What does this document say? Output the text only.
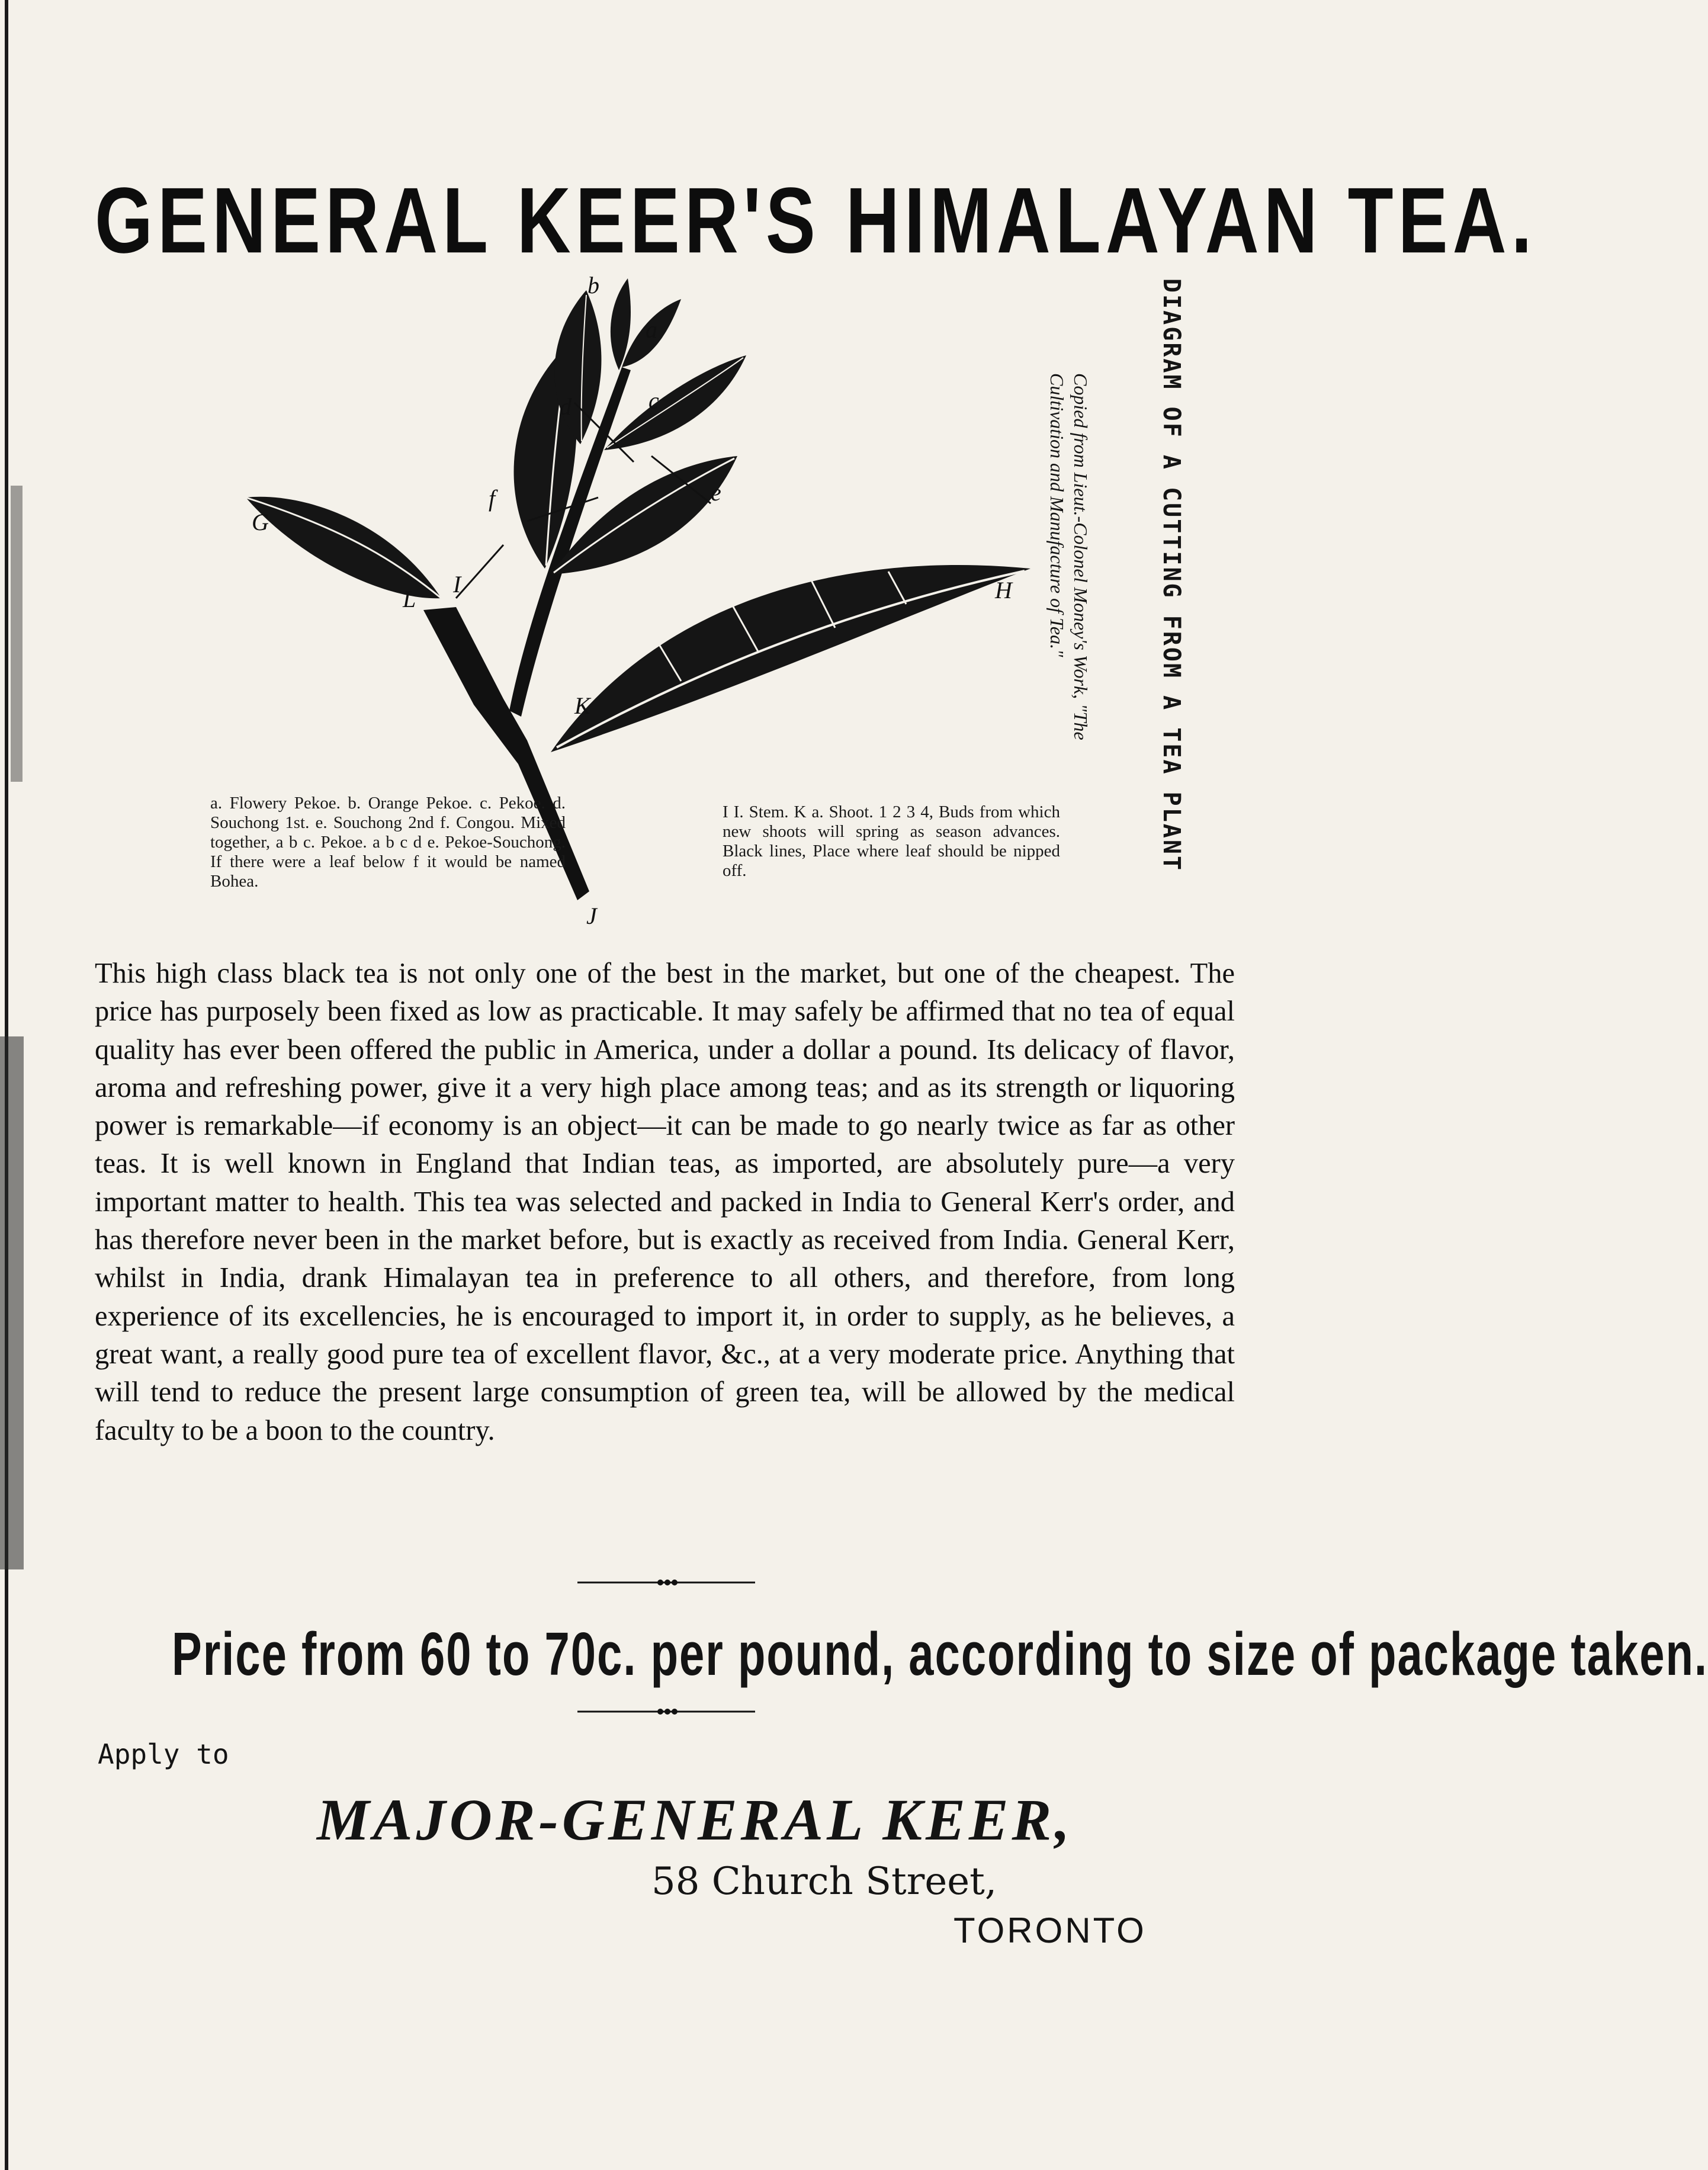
GENERAL KEER'S HIMALAYAN TEA.
b
a
c
d
f	e
G
L
I	H
K
J
a. Flowery Pekoe. b. Orange Pekoe. c. Pekoe. d. Souchong 1st. e. Souchong 2nd f. Congou. Mixed together, a b c. Pekoe. a b c d e. Pekoe-Souchong. If there were a leaf below f it would be named Bohea.
I I. Stem. K a. Shoot. 1 2 3 4, Buds from which new shoots will spring as season advances. Black lines, Place where leaf should be nipped off.	DIAGRAM OF A CUTTING FROM A TEA PLANT
Copied from Lieut.-Colonel Money's Work, "The
Cultivation and Manufacture of Tea."
This high class black tea is not only one of the best in the market, but one of the cheapest. The price has purposely been fixed as low as practicable. It may safely be affirmed that no tea of equal quality has ever been offered the public in America, under a dollar a pound. Its delicacy of flavor, aroma and refreshing power, give it a very high place among teas; and as its strength or liquoring power is remarkable—if economy is an object—it can be made to go nearly twice as far as other teas. It is well known in England that Indian teas, as imported, are absolutely pure—a very important matter to health. This tea was selected and packed in India to General Kerr's order, and has therefore never been in the market before, but is exactly as received from India. General Kerr, whilst in India, drank Himalayan tea in preference to all others, and therefore, from long experience of its excellencies, he is encouraged to import it, in order to supply, as he believes, a great want, a really good pure tea of excellent flavor, &c., at a very moderate price. Anything that will tend to reduce the present large consumption of green tea, will be allowed by the medical faculty to be a boon to the country.
Price from 60 to 70c. per pound, according to size of package taken.
Apply to
MAJOR-GENERAL KEER,
58 Church Street,
TORONTO
